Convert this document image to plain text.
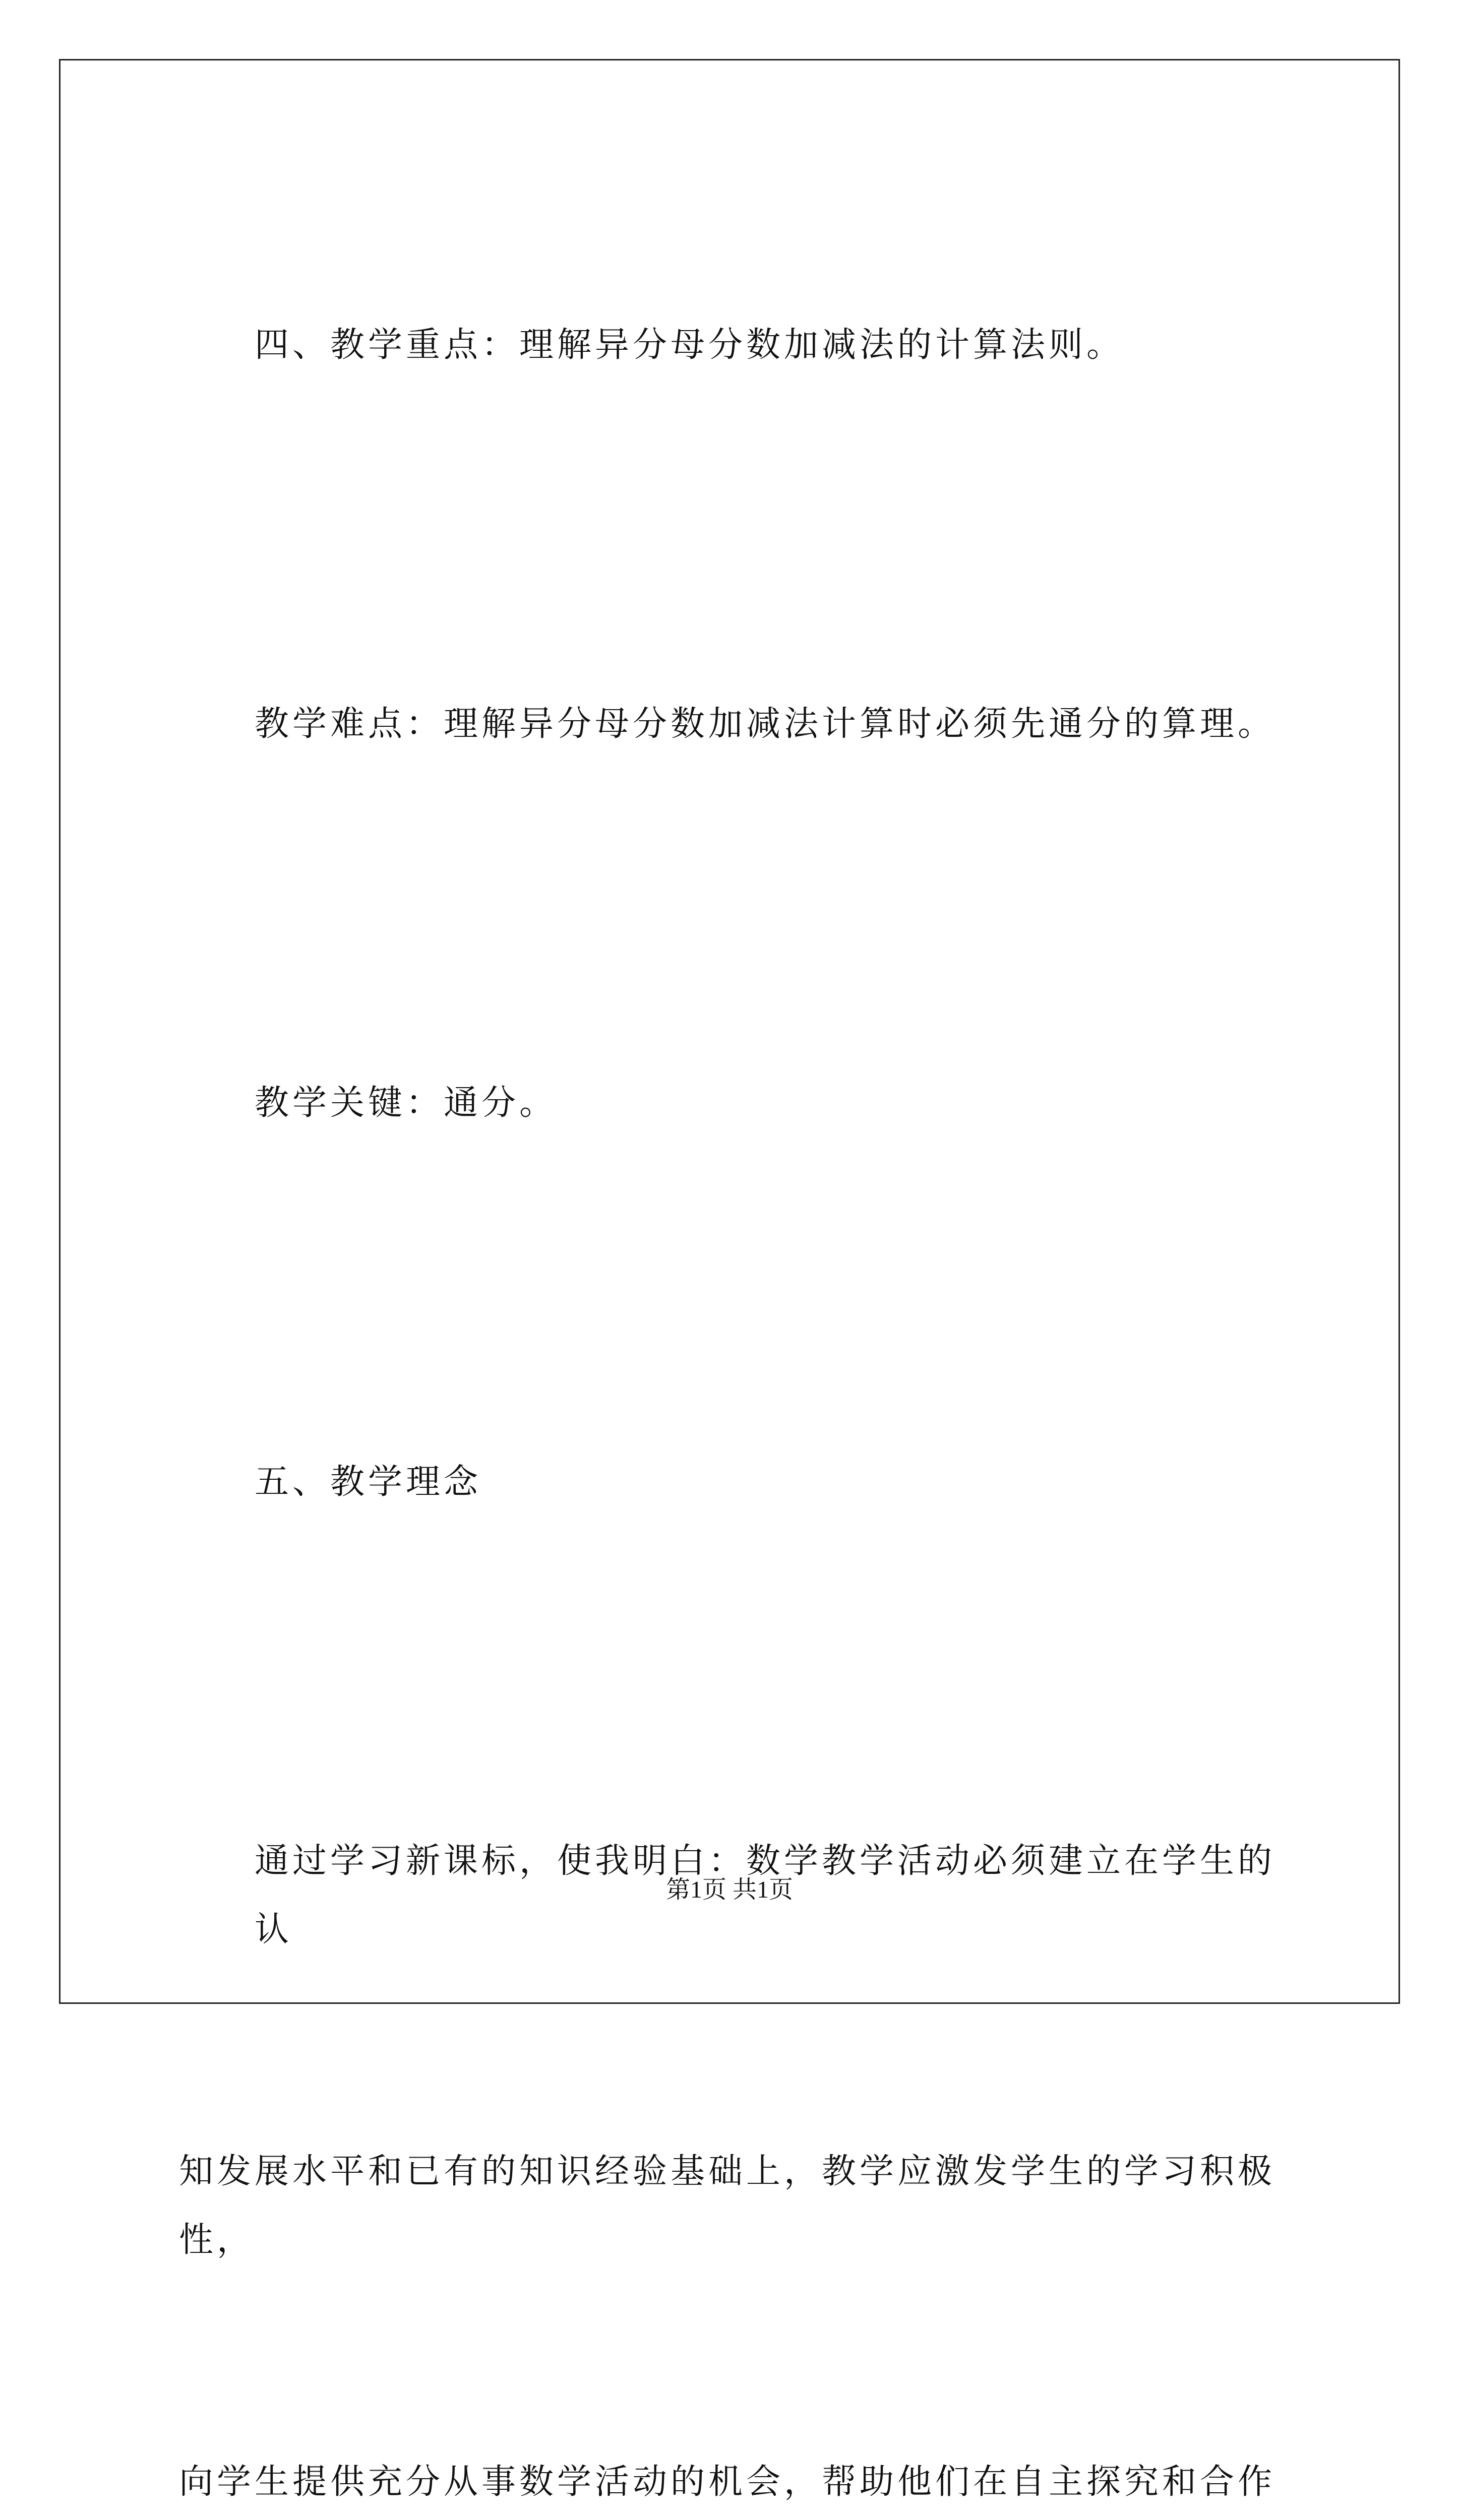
四、教学重点：理解异分母分数加减法的计算法则。

教学难点：理解异分母分数加减法计算时必须先通分的算理。

教学关键：通分。

五、教学理念

通过学习新课标，使我明白：数学教学活动必须建立在学生的认

知发展水平和已有的知识经验基础上，教学应激发学生的学习积极性，

向学生提供充分从事数学活动的机会，帮助他们在自主探究和合作

第1页 共1页
